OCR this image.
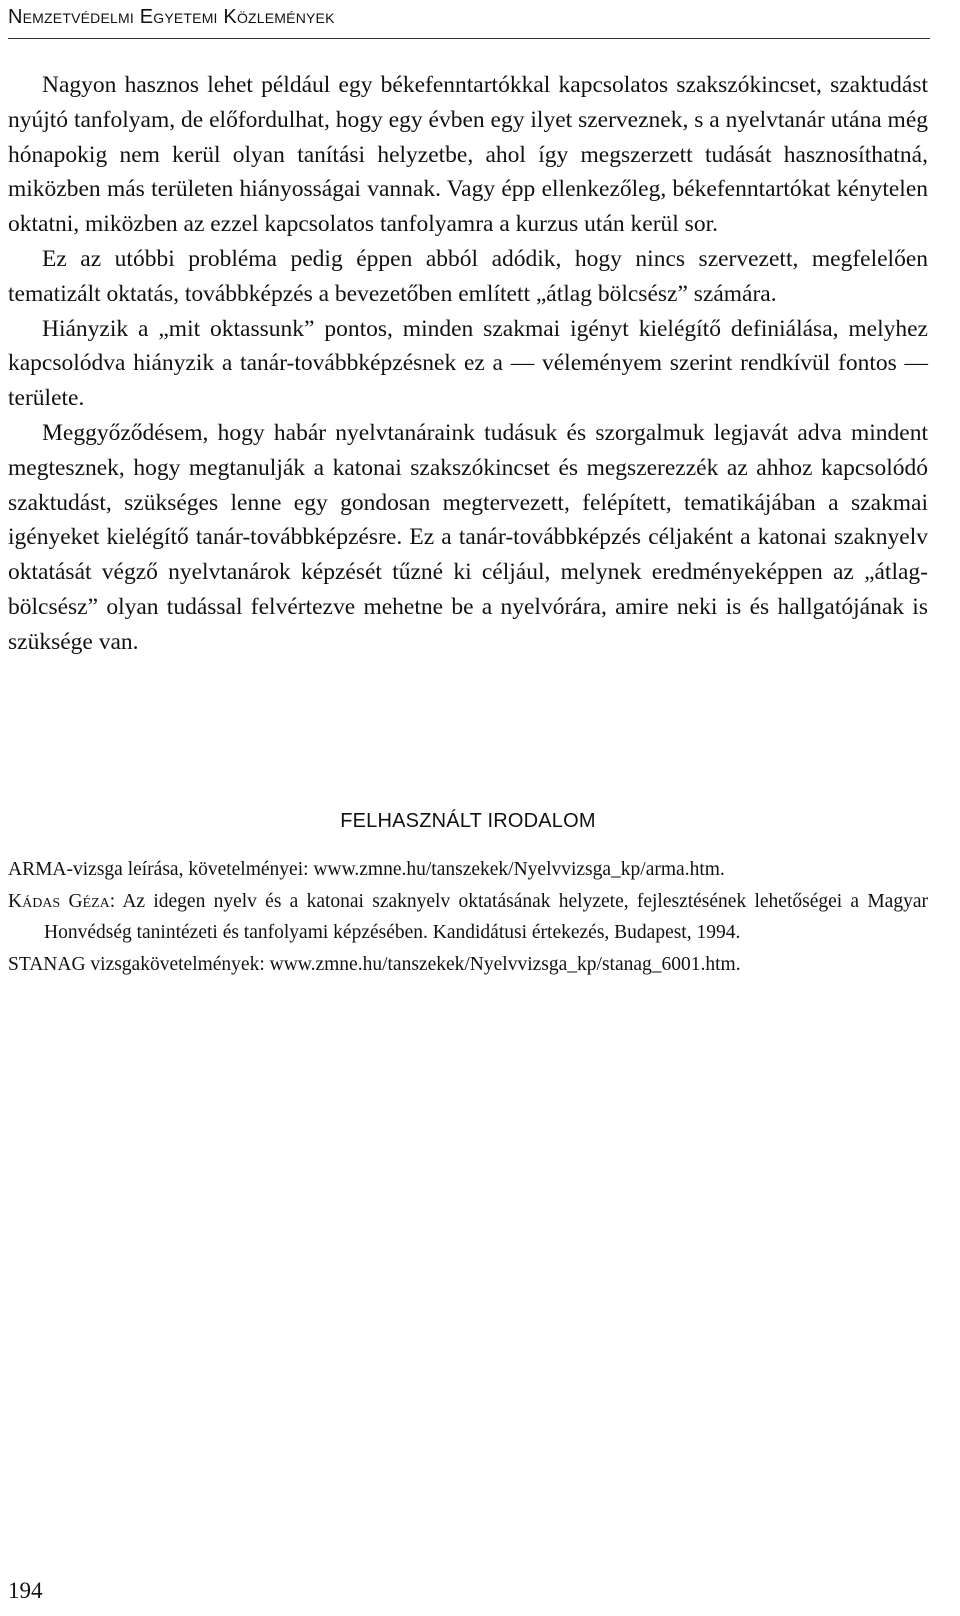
Nemzetvédelmi Egyetemi Közlemények

Nagyon hasznos lehet például egy békefenntartókkal kapcsolatos szakszókincset, szaktudást nyújtó tanfolyam, de előfordulhat, hogy egy évben egy ilyet szerveznek, s a nyelvtanár utána még hónapokig nem kerül olyan tanítási helyzetbe, ahol így megszerzett tudását hasznosíthatná, miközben más területen hiányosságai vannak. Vagy épp ellenkezőleg, békefenntartókat kénytelen oktatni, miközben az ezzel kapcsolatos tanfolyamra a kurzus után kerül sor.

Ez az utóbbi probléma pedig éppen abból adódik, hogy nincs szervezett, megfelelően tematizált oktatás, továbbképzés a bevezetőben említett „átlag bölcsész” számára.

Hiányzik a „mit oktassunk” pontos, minden szakmai igényt kielégítő definiálása, melyhez kapcsolódva hiányzik a tanár-továbbképzésnek ez a — véleményem szerint rendkívül fontos — területe.

Meggyőződésem, hogy habár nyelvtanáraink tudásuk és szorgalmuk legjavát adva mindent megtesznek, hogy megtanulják a katonai szakszókincset és megszerezzék az ahhoz kapcsolódó szaktudást, szükséges lenne egy gondosan megtervezett, felépített, tematikájában a szakmai igényeket kielégítő tanár-továbbképzésre. Ez a tanár-továbbképzés céljaként a katonai szaknyelv oktatását végző nyelvtanárok képzését tűzné ki céljául, melynek eredményeképpen az „átlag-bölcsész” olyan tudással felvértezve mehetne be a nyelvórára, amire neki is és hallgatójának is szüksége van.

FELHASZNÁLT IRODALOM

ARMA-vizsga leírása, követelményei: www.zmne.hu/tanszekek/Nyelvvizsga_kp/arma.htm.

Kádas Géza: Az idegen nyelv és a katonai szaknyelv oktatásának helyzete, fejlesztésének lehetőségei a Magyar Honvédség tanintézeti és tanfolyami képzésében. Kandidátusi értekezés, Budapest, 1994.

STANAG vizsgakövetelmények: www.zmne.hu/tanszekek/Nyelvvizsga_kp/stanag_6001.htm.

194
